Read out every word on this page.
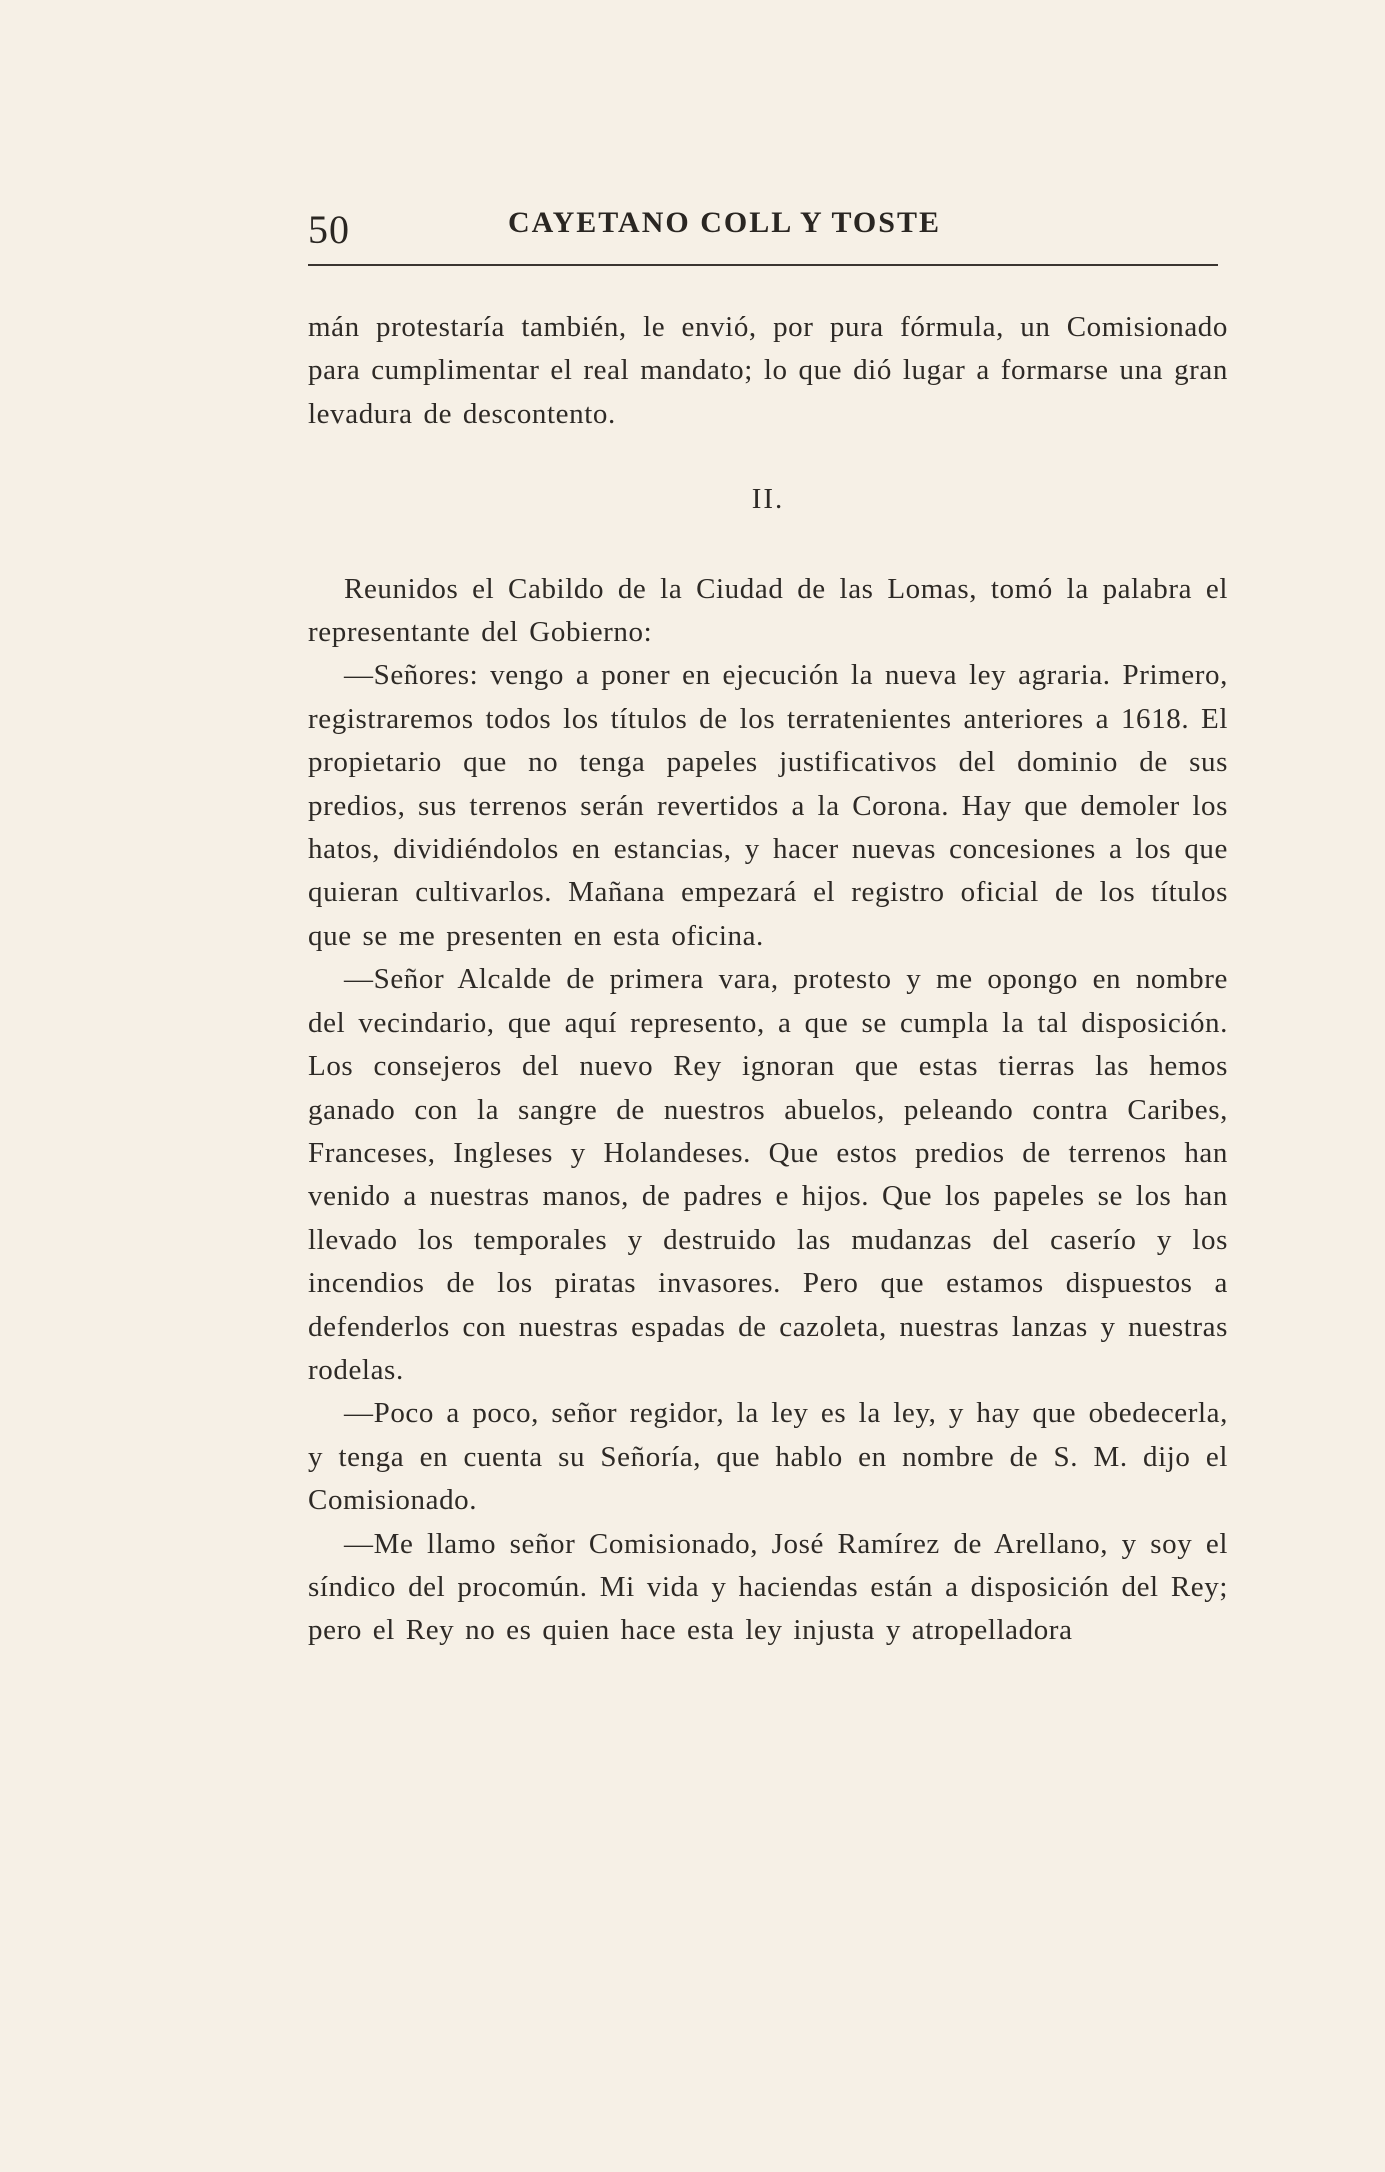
50	CAYETANO COLL Y TOSTE

mán protestaría también, le envió, por pura fórmula, un Comisionado para cumplimentar el real mandato; lo que dió lugar a formarse una gran levadura de descontento.

II.

Reunidos el Cabildo de la Ciudad de las Lomas, tomó la palabra el representante del Gobierno:

—Señores: vengo a poner en ejecución la nueva ley agraria. Primero, registraremos todos los títulos de los terratenientes anteriores a 1618. El propietario que no tenga papeles justificativos del dominio de sus predios, sus terrenos serán revertidos a la Corona. Hay que demoler los hatos, dividiéndolos en estancias, y hacer nuevas concesiones a los que quieran cultivarlos. Mañana empezará el registro oficial de los títulos que se me presenten en esta oficina.

—Señor Alcalde de primera vara, protesto y me opongo en nombre del vecindario, que aquí represento, a que se cumpla la tal disposición. Los consejeros del nuevo Rey ignoran que estas tierras las hemos ganado con la sangre de nuestros abuelos, peleando contra Caribes, Franceses, Ingleses y Holandeses. Que estos predios de terrenos han venido a nuestras manos, de padres e hijos. Que los papeles se los han llevado los temporales y destruido las mudanzas del caserío y los incendios de los piratas invasores. Pero que estamos dispuestos a defenderlos con nuestras espadas de cazoleta, nuestras lanzas y nuestras rodelas.

—Poco a poco, señor regidor, la ley es la ley, y hay que obedecerla, y tenga en cuenta su Señoría, que hablo en nombre de S. M. dijo el Comisionado.

—Me llamo señor Comisionado, José Ramírez de Arellano, y soy el síndico del procomún. Mi vida y haciendas están a disposición del Rey; pero el Rey no es quien hace esta ley injusta y atropelladora
